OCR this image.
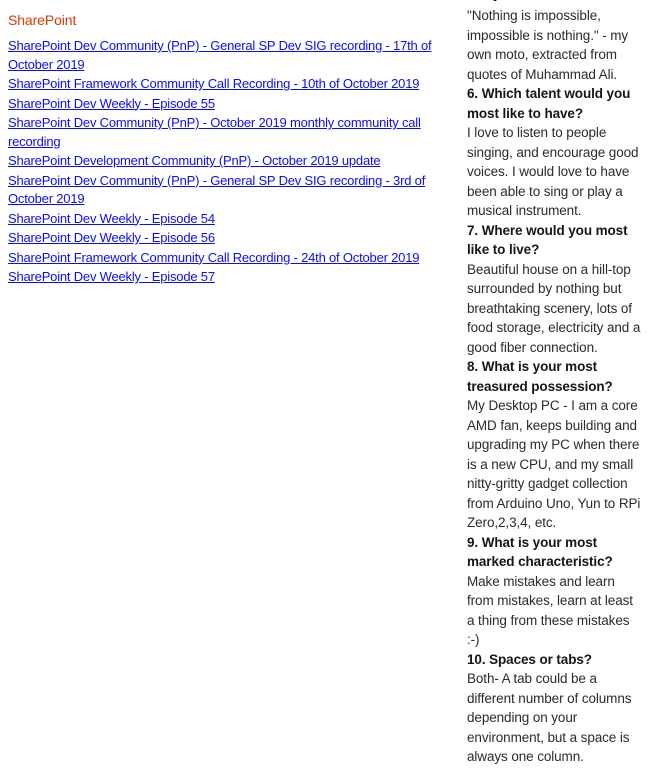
SharePoint
SharePoint Dev Community (PnP) - General SP Dev SIG recording - 17th of October 2019
SharePoint Framework Community Call Recording - 10th of October 2019
SharePoint Dev Weekly - Episode 55
SharePoint Dev Community (PnP) - October 2019 monthly community call recording
SharePoint Development Community (PnP) - October 2019 update
SharePoint Dev Community (PnP) - General SP Dev SIG recording - 3rd of October 2019
SharePoint Dev Weekly - Episode 54
SharePoint Dev Weekly - Episode 56
SharePoint Framework Community Call Recording - 24th of October 2019
SharePoint Dev Weekly - Episode 57

"Nothing is impossible, impossible is nothing." - my own moto, extracted from quotes of Muhammad Ali.

6. Which talent would you most like to have?

I love to listen to people singing, and encourage good voices. I would love to have been able to sing or play a musical instrument.

7. Where would you most like to live?

Beautiful house on a hill-top surrounded by nothing but breathtaking scenery, lots of food storage, electricity and a good fiber connection.

8. What is your most treasured possession?

My Desktop PC - I am a core AMD fan, keeps building and upgrading my PC when there is a new CPU, and my small nitty-gritty gadget collection from Arduino Uno, Yun to RPi Zero,2,3,4, etc.

9. What is your most marked characteristic?

Make mistakes and learn from mistakes, learn at least a thing from these mistakes :-)

10. Spaces or tabs?

Both- A tab could be a different number of columns depending on your environment, but a space is always one column.
